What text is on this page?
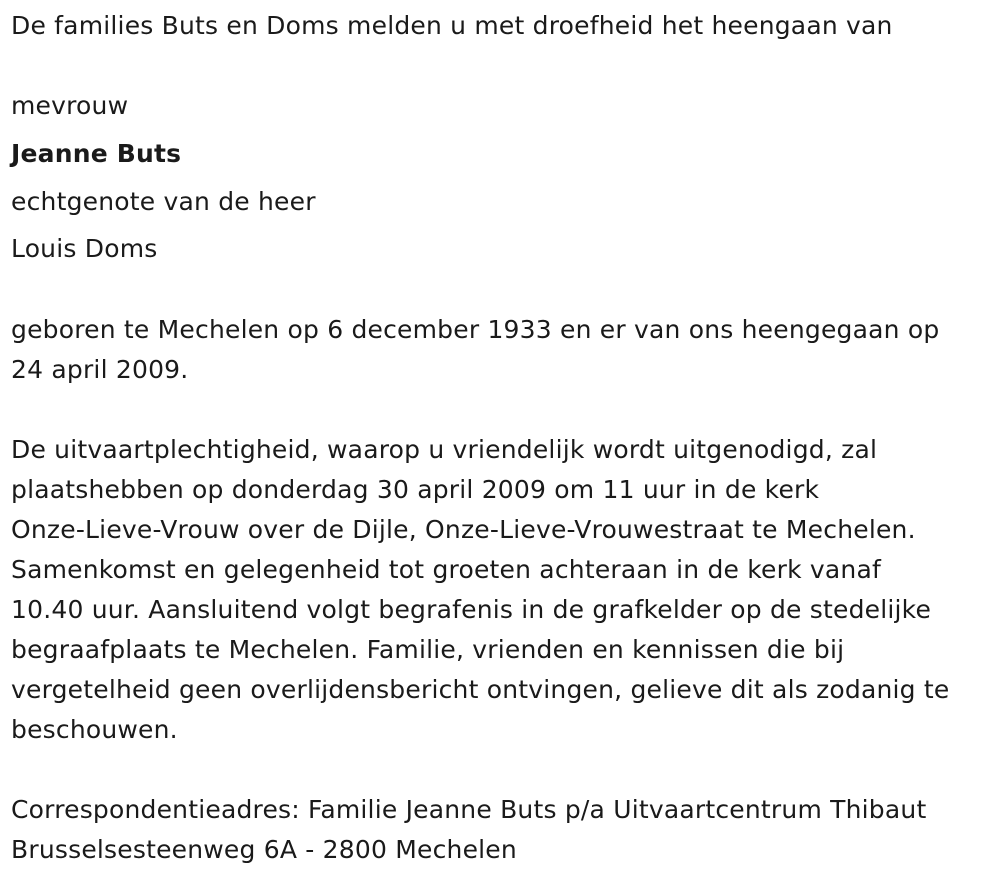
De families Buts en Doms melden u met droefheid het heengaan van
mevrouw
Jeanne Buts
echtgenote van de heer
Louis Doms
geboren te Mechelen op 6 december 1933 en er van ons heengegaan op
24 april 2009.
De uitvaartplechtigheid, waarop u vriendelijk wordt uitgenodigd, zal
plaatshebben op donderdag 30 april 2009 om 11 uur in de kerk
Onze-Lieve-Vrouw over de Dijle, Onze-Lieve-Vrouwestraat te Mechelen.
Samenkomst en gelegenheid tot groeten achteraan in de kerk vanaf
10.40 uur. Aansluitend volgt begrafenis in de grafkelder op de stedelijke
begraafplaats te Mechelen. Familie, vrienden en kennissen die bij
vergetelheid geen overlijdensbericht ontvingen, gelieve dit als zodanig te
beschouwen.
Correspondentieadres: Familie Jeanne Buts p/a Uitvaartcentrum Thibaut
Brusselsesteenweg 6A - 2800 Mechelen
